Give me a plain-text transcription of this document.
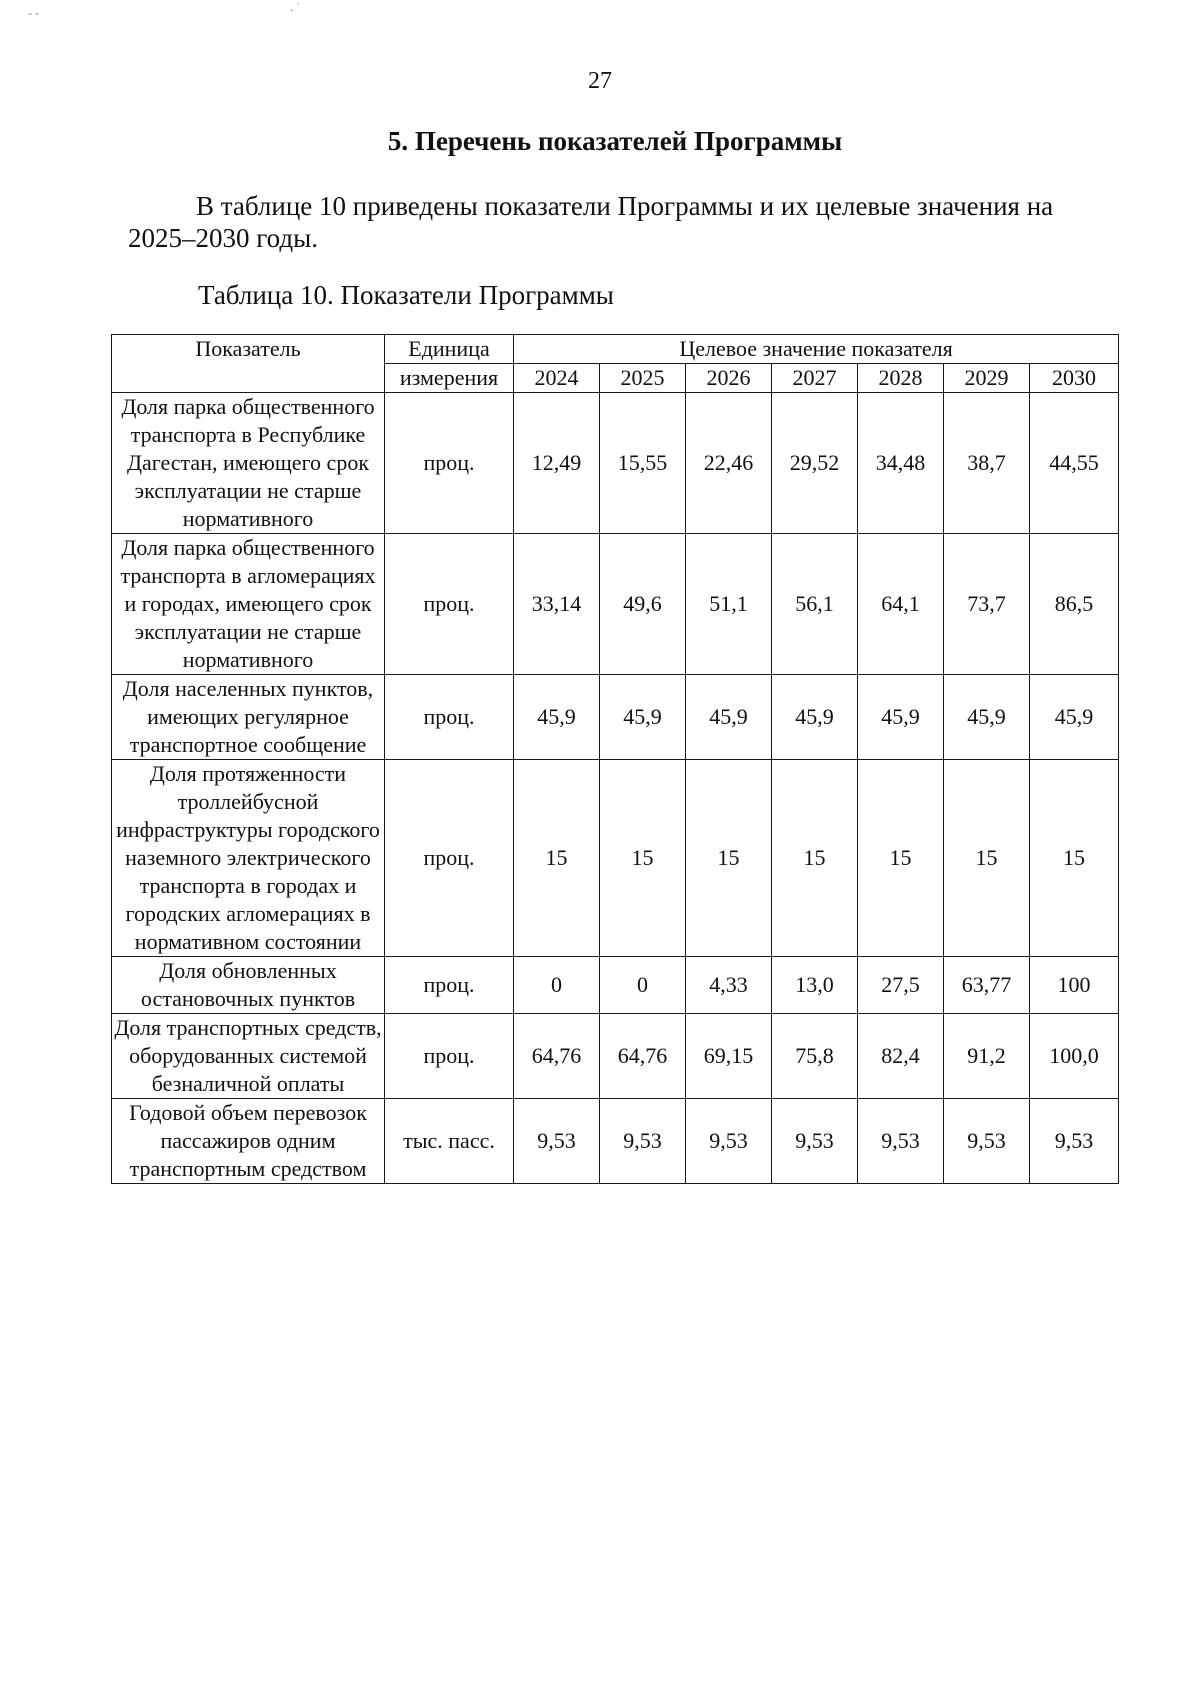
- -	. ˈ
27
5. Перечень показателей Программы

В таблице 10 приведены показатели Программы и их целевые значения на 2025–2030 годы.

Таблица 10. Показатели Программы
Показатель	Единица	Целевое значение показателя						
	измерения	2024	2025	2026	2027	2028	2029	2030
Доля парка общественного транспорта в Республике Дагестан, имеющего срок эксплуатации не старше нормативного	проц.	12,49	15,55	22,46	29,52	34,48	38,7	44,55
Доля парка общественного транспорта в агломерациях и городах, имеющего срок эксплуатации не старше нормативного	проц.	33,14	49,6	51,1	56,1	64,1	73,7	86,5
Доля населенных пунктов, имеющих регулярное транспортное сообщение	проц.	45,9	45,9	45,9	45,9	45,9	45,9	45,9
Доля протяженности троллейбусной инфраструктуры городского наземного электрического транспорта в городах и городских агломерациях в нормативном состоянии	проц.	15	15	15	15	15	15	15
Доля обновленных остановочных пунктов	проц.	0	0	4,33	13,0	27,5	63,77	100
Доля транспортных средств, оборудованных системой безналичной оплаты	проц.	64,76	64,76	69,15	75,8	82,4	91,2	100,0
Годовой объем перевозок пассажиров одним транспортным средством	тыс. пасс.	9,53	9,53	9,53	9,53	9,53	9,53	9,53
